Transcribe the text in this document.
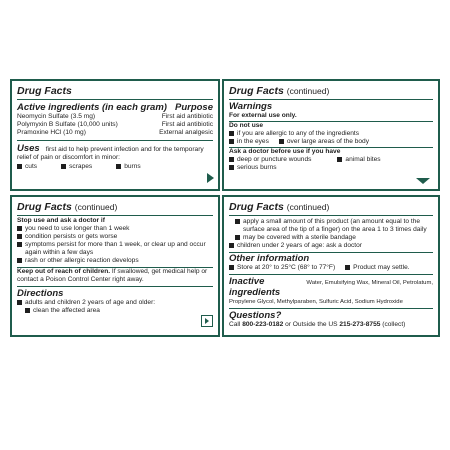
Drug Facts
Active ingredients (in each gram) Purpose
Neomycin Sulfate (3.5 mg)	First aid antibiotic
Polymyxin B Sulfate (10,000 units)	First aid antibiotic
Pramoxine HCl (10 mg)	External analgesic
Uses first aid to help prevent infection and for the temporary
relief of pain or discomfort in minor:
cuts	scrapes	burns
Drug Facts (continued)
Warnings
For external use only.
Do not use
if you are allergic to any of the ingredients
in the eyes	over large areas of the body
Ask a doctor before use if you have
deep or puncture wounds	animal bites
serious burns
Drug Facts (continued)
Stop use and ask a doctor if
you need to use longer than 1 week
condition persists or gets worse
symptoms persist for more than 1 week, or clear up and occur
again within a few days
rash or other allergic reaction develops
Keep out of reach of children. If swallowed, get medical help or
contact a Poison Control Center right away.
Directions
adults and children 2 years of age and older:
clean the affected area
Drug Facts (continued)
apply a small amount of this product (an amount equal to the
surface area of the tip of a finger) on the area 1 to 3 times daily
may be covered with a sterile bandage
children under 2 years of age: ask a doctor
Other information
Store at 20° to 25°C (68° to 77°F)	Product may settle.
Inactive ingredients
Water, Emulsifying Wax, Mineral Oil, Petrolatum,
Propylene Glycol, Methylparaben, Sulfuric Acid, Sodium Hydroxide
Questions?
Call 800-223-0182 or Outside the US 215-273-8755 (collect)
